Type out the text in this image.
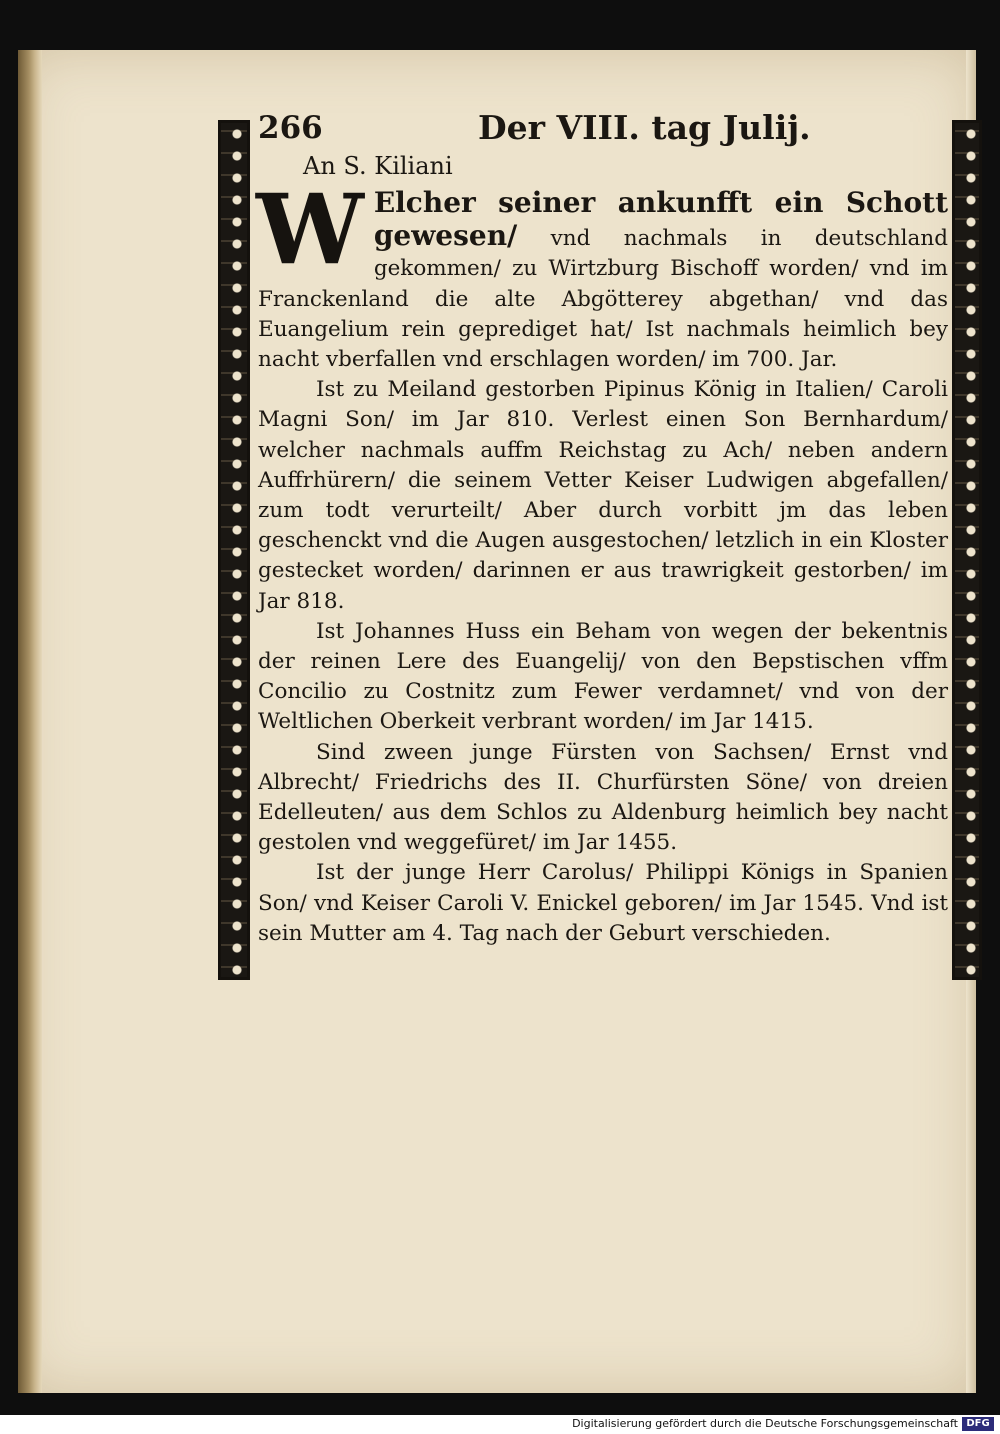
266	Der VIII. tag Julij.
An S. Kiliani

W Elcher seiner ankunfft ein Schott gewesen/ vnd nachmals in deutschland gekommen/ zu Wirtzburg Bischoff worden/ vnd im Franckenland die alte Abgötterey abgethan/ vnd das Euangelium rein geprediget hat/ Ist nachmals heimlich bey nacht vberfallen vnd erschlagen worden/ im 700. Jar.

Ist zu Meiland gestorben Pipinus König in Italien/ Caroli Magni Son/ im Jar 810. Verlest einen Son Bernhardum/ welcher nachmals auffm Reichstag zu Ach/ neben andern Auffrhürern/ die seinem Vetter Keiser Ludwigen abgefallen/ zum todt verurteilt/ Aber durch vorbitt jm das leben geschenckt vnd die Augen ausgestochen/ letzlich in ein Kloster gestecket worden/ darinnen er aus trawrigkeit gestorben/ im Jar 818.

Ist Johannes Huss ein Beham von wegen der bekentnis der reinen Lere des Euangelij/ von den Bepstischen vffm Concilio zu Costnitz zum Fewer verdamnet/ vnd von der Weltlichen Oberkeit verbrant worden/ im Jar 1415.

Sind zween junge Fürsten von Sachsen/ Ernst vnd Albrecht/ Friedrichs des II. Churfürsten Söne/ von dreien Edelleuten/ aus dem Schlos zu Aldenburg heimlich bey nacht gestolen vnd weggefüret/ im Jar 1455.

Ist der junge Herr Carolus/ Philippi Königs in Spanien Son/ vnd Keiser Caroli V. Enickel geboren/ im Jar 1545. Vnd ist sein Mutter am 4. Tag nach der Geburt verschieden.

Digitalisierung gefördert durch die Deutsche Forschungsgemeinschaft DFG
